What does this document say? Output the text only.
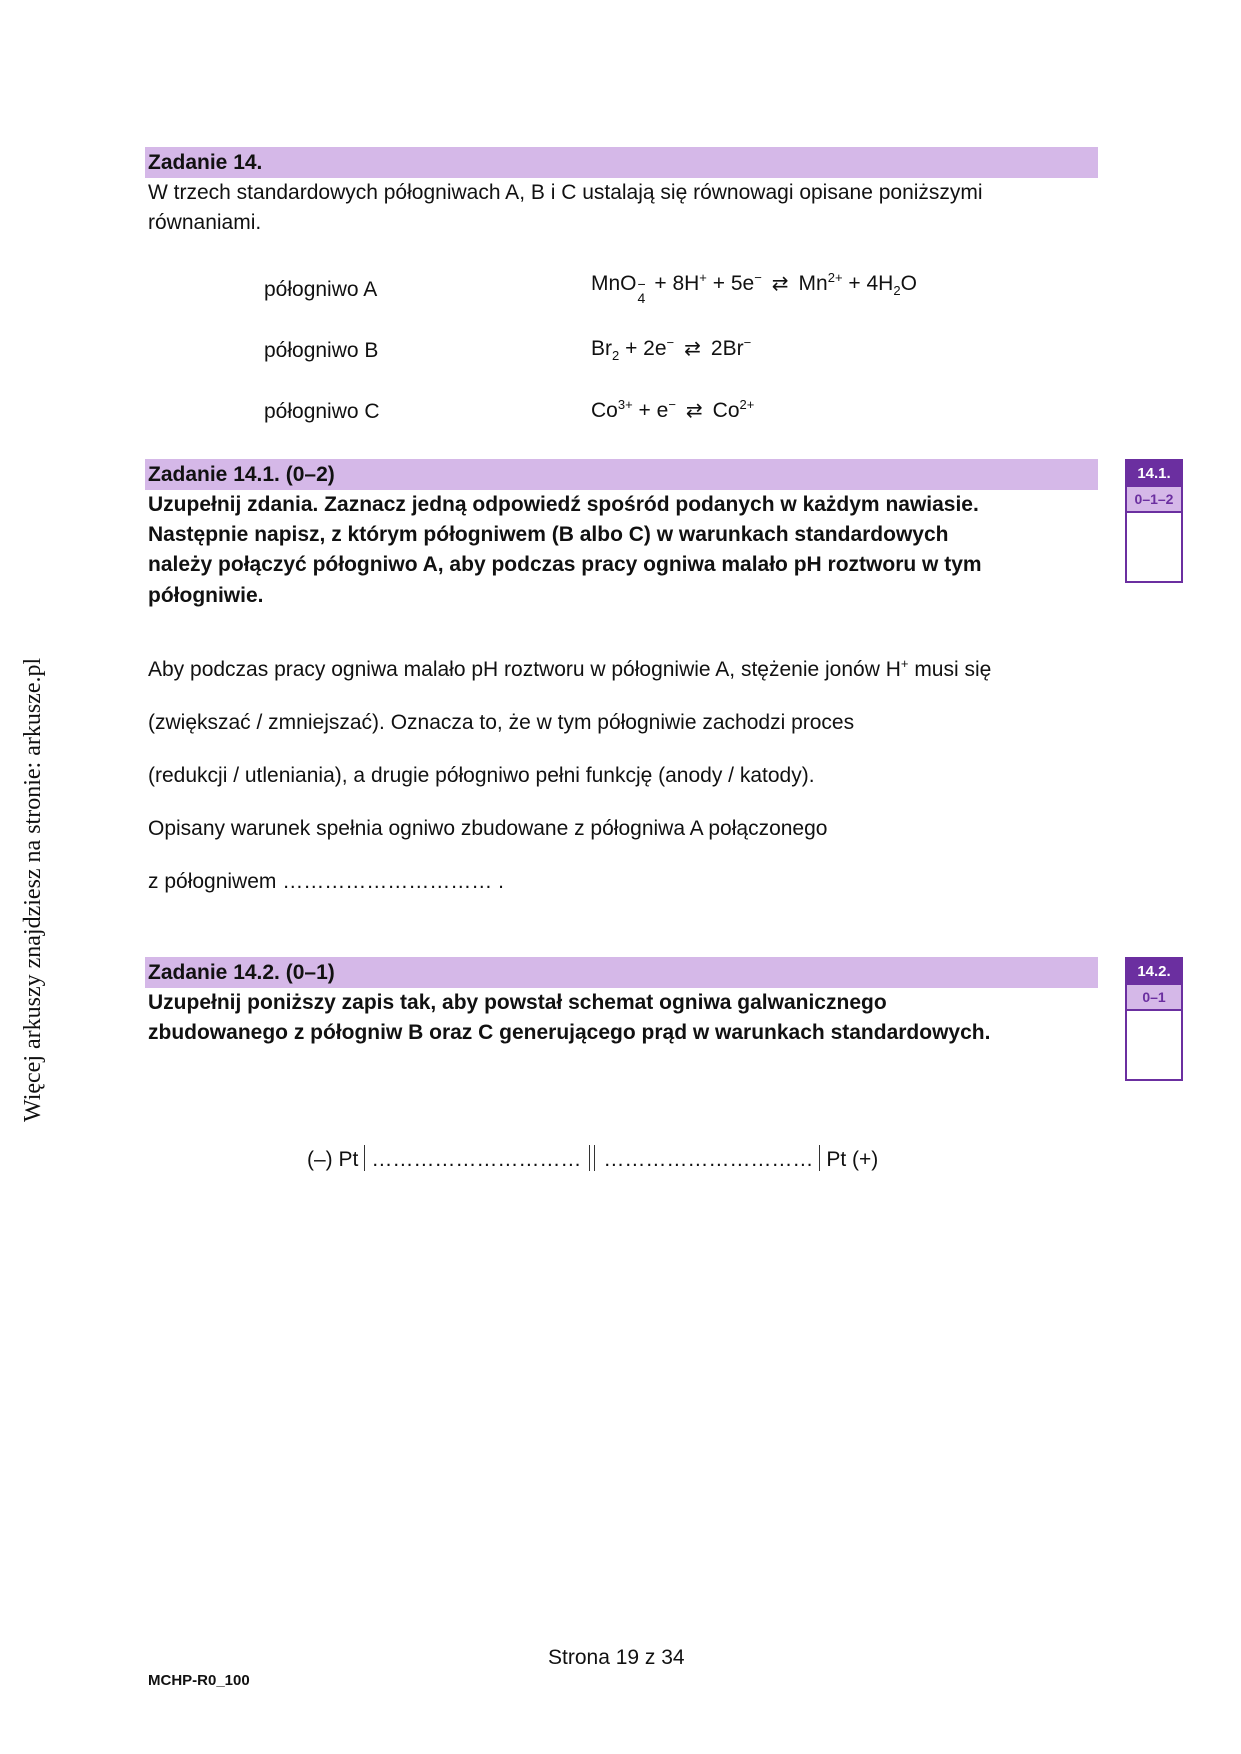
Więcej arkuszy znajdziesz na stronie: arkusze.pl
Zadanie 14.
W trzech standardowych półogniwach A, B i C ustalają się równowagi opisane poniższymi
równaniami.
półogniwo A
półogniwo B
półogniwo C
MnO −
4
+ 8H+ + 5e− ⇄ $Mn^{2+} + 4H_2O$
$Br_2 + 2e^-$ ⇄ 2Br−
$Co^{3+} + e^-$ ⇄ $Co^{2+}$
Zadanie 14.1. (0–2)
Uzupełnij zdania. Zaznacz jedną odpowiedź spośród podanych w każdym nawiasie.
Następnie napisz, z którym półogniwem (B albo C) w warunkach standardowych
należy połączyć półogniwo A, aby podczas pracy ogniwa malało pH roztworu w tym
półogniwie.
Aby podczas pracy ogniwa malało pH roztworu w półogniwie A, stężenie jonów H+ musi się
(zwiększać / zmniejszać). Oznacza to, że w tym półogniwie zachodzi proces
(redukcji / utleniania), a drugie półogniwo pełni funkcję (anody / katody).
Opisany warunek spełnia ogniwo zbudowane z półogniwa A połączonego
z półogniwem ………………………… .
14.1.
0–1–2
Zadanie 14.2. (0–1)
Uzupełnij poniższy zapis tak, aby powstał schemat ogniwa galwanicznego
zbudowanego z półogniw B oraz C generującego prąd w warunkach standardowych.
14.2.
0–1
(–) Pt ………………………… ………………………… Pt (+)
Strona 19 z 34
MCHP-R0_100
